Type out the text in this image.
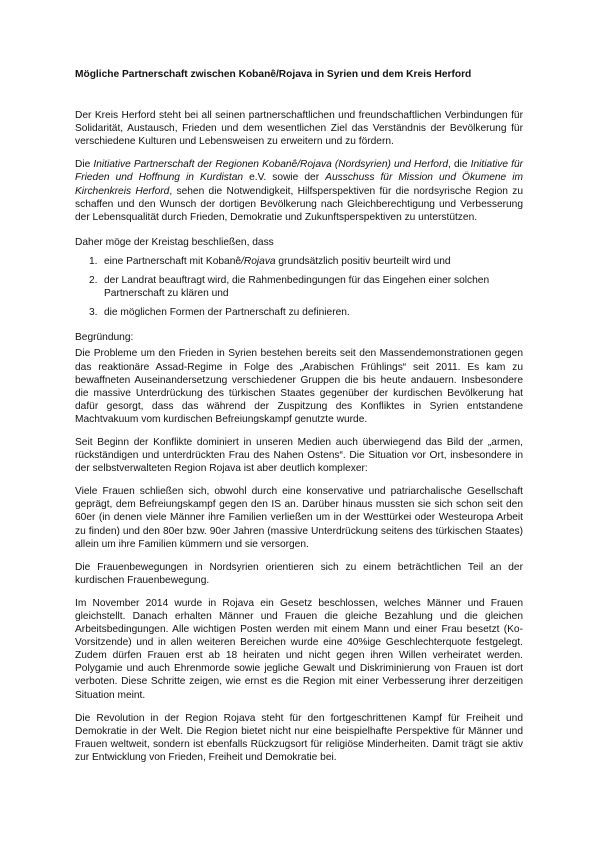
Mögliche Partnerschaft zwischen Kobanê/Rojava in Syrien und dem Kreis Herford

Der Kreis Herford steht bei all seinen partnerschaftlichen und freundschaftlichen Verbindungen für Solidarität, Austausch, Frieden und dem wesentlichen Ziel das Verständnis der Bevölkerung für verschiedene Kulturen und Lebensweisen zu erweitern und zu fördern.

Die Initiative Partnerschaft der Regionen Kobanê/Rojava (Nordsyrien) und Herford, die Initiative für Frieden und Hoffnung in Kurdistan e.V. sowie der Ausschuss für Mission und Ökumene im Kirchenkreis Herford, sehen die Notwendigkeit, Hilfsperspektiven für die nordsyrische Region zu schaffen und den Wunsch der dortigen Bevölkerung nach Gleichberechtigung und Verbesserung der Lebensqualität durch Frieden, Demokratie und Zukunftsperspektiven zu unterstützen.

Daher möge der Kreistag beschließen, dass

1. eine Partnerschaft mit Kobanê/Rojava grundsätzlich positiv beurteilt wird und
2. der Landrat beauftragt wird, die Rahmenbedingungen für das Eingehen einer solchen Partnerschaft zu klären und
3. die möglichen Formen der Partnerschaft zu definieren.

Begründung:

Die Probleme um den Frieden in Syrien bestehen bereits seit den Massendemonstrationen gegen das reaktionäre Assad-Regime in Folge des „Arabischen Frühlings“ seit 2011. Es kam zu bewaffneten Auseinandersetzung verschiedener Gruppen die bis heute andauern. Insbesondere die massive Unterdrückung des türkischen Staates gegenüber der kurdischen Bevölkerung hat dafür gesorgt, dass das während der Zuspitzung des Konfliktes in Syrien entstandene Machtvakuum vom kurdischen Befreiungskampf genutzte wurde.

Seit Beginn der Konflikte dominiert in unseren Medien auch überwiegend das Bild der „armen, rückständigen und unterdrückten Frau des Nahen Ostens“. Die Situation vor Ort, insbesondere in der selbstverwalteten Region Rojava ist aber deutlich komplexer:

Viele Frauen schließen sich, obwohl durch eine konservative und patriarchalische Gesellschaft geprägt, dem Befreiungskampf gegen den IS an. Darüber hinaus mussten sie sich schon seit den 60er (in denen viele Männer ihre Familien verließen um in der Westtürkei oder Westeuropa Arbeit zu finden) und den 80er bzw. 90er Jahren (massive Unterdrückung seitens des türkischen Staates) allein um ihre Familien kümmern und sie versorgen.

Die Frauenbewegungen in Nordsyrien orientieren sich zu einem beträchtlichen Teil an der kurdischen Frauenbewegung.

Im November 2014 wurde in Rojava ein Gesetz beschlossen, welches Männer und Frauen gleichstellt. Danach erhalten Männer und Frauen die gleiche Bezahlung und die gleichen Arbeitsbedingungen. Alle wichtigen Posten werden mit einem Mann und einer Frau besetzt (Ko-Vorsitzende) und in allen weiteren Bereichen wurde eine 40%ige Geschlechterquote festgelegt. Zudem dürfen Frauen erst ab 18 heiraten und nicht gegen ihren Willen verheiratet werden. Polygamie und auch Ehrenmorde sowie jegliche Gewalt und Diskriminierung von Frauen ist dort verboten. Diese Schritte zeigen, wie ernst es die Region mit einer Verbesserung ihrer derzeitigen Situation meint.

Die Revolution in der Region Rojava steht für den fortgeschrittenen Kampf für Freiheit und Demokratie in der Welt. Die Region bietet nicht nur eine beispielhafte Perspektive für Männer und Frauen weltweit, sondern ist ebenfalls Rückzugsort für religiöse Minderheiten. Damit trägt sie aktiv zur Entwicklung von Frieden, Freiheit und Demokratie bei.
